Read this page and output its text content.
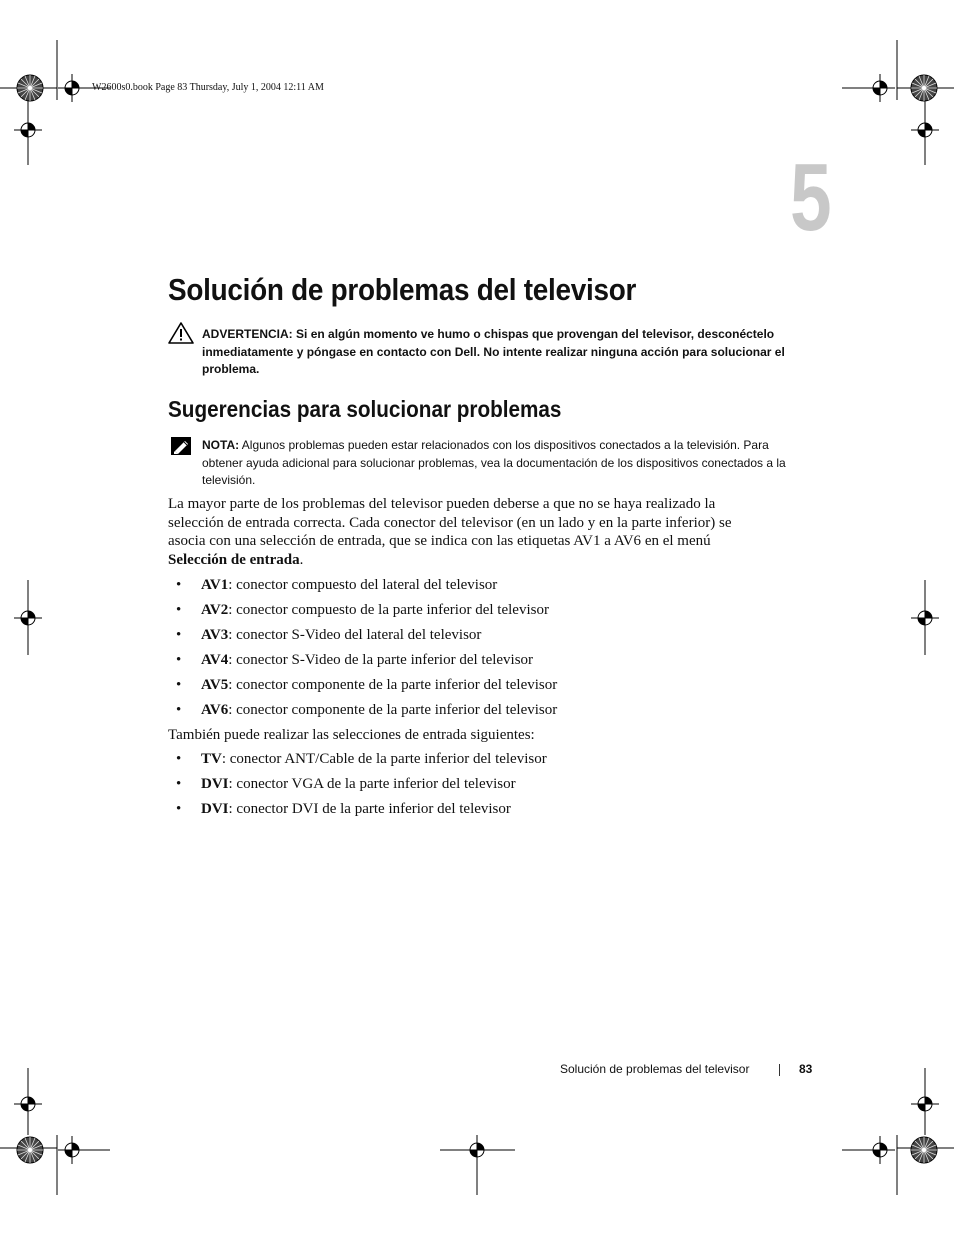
W2600s0.book Page 83 Thursday, July 1, 2004 12:11 AM
5
Solución de problemas del televisor
ADVERTENCIA: Si en algún momento ve humo o chispas que provengan del televisor, desconéctelo inmediatamente y póngase en contacto con Dell. No intente realizar ninguna acción para solucionar el problema.
Sugerencias para solucionar problemas
NOTA: Algunos problemas pueden estar relacionados con los dispositivos conectados a la televisión. Para obtener ayuda adicional para solucionar problemas, vea la documentación de los dispositivos conectados a la televisión.
La mayor parte de los problemas del televisor pueden deberse a que no se haya realizado la selección de entrada correcta. Cada conector del televisor (en un lado y en la parte inferior) se asocia con una selección de entrada, que se indica con las etiquetas AV1 a AV6 en el menú Selección de entrada.
• AV1: conector compuesto del lateral del televisor
• AV2: conector compuesto de la parte inferior del televisor
• AV3: conector S-Video del lateral del televisor
• AV4: conector S-Video de la parte inferior del televisor
• AV5: conector componente de la parte inferior del televisor
• AV6: conector componente de la parte inferior del televisor
También puede realizar las selecciones de entrada siguientes:
• TV: conector ANT/Cable de la parte inferior del televisor
• DVI: conector VGA de la parte inferior del televisor
• DVI: conector DVI de la parte inferior del televisor
Solución de problemas del televisor	83
